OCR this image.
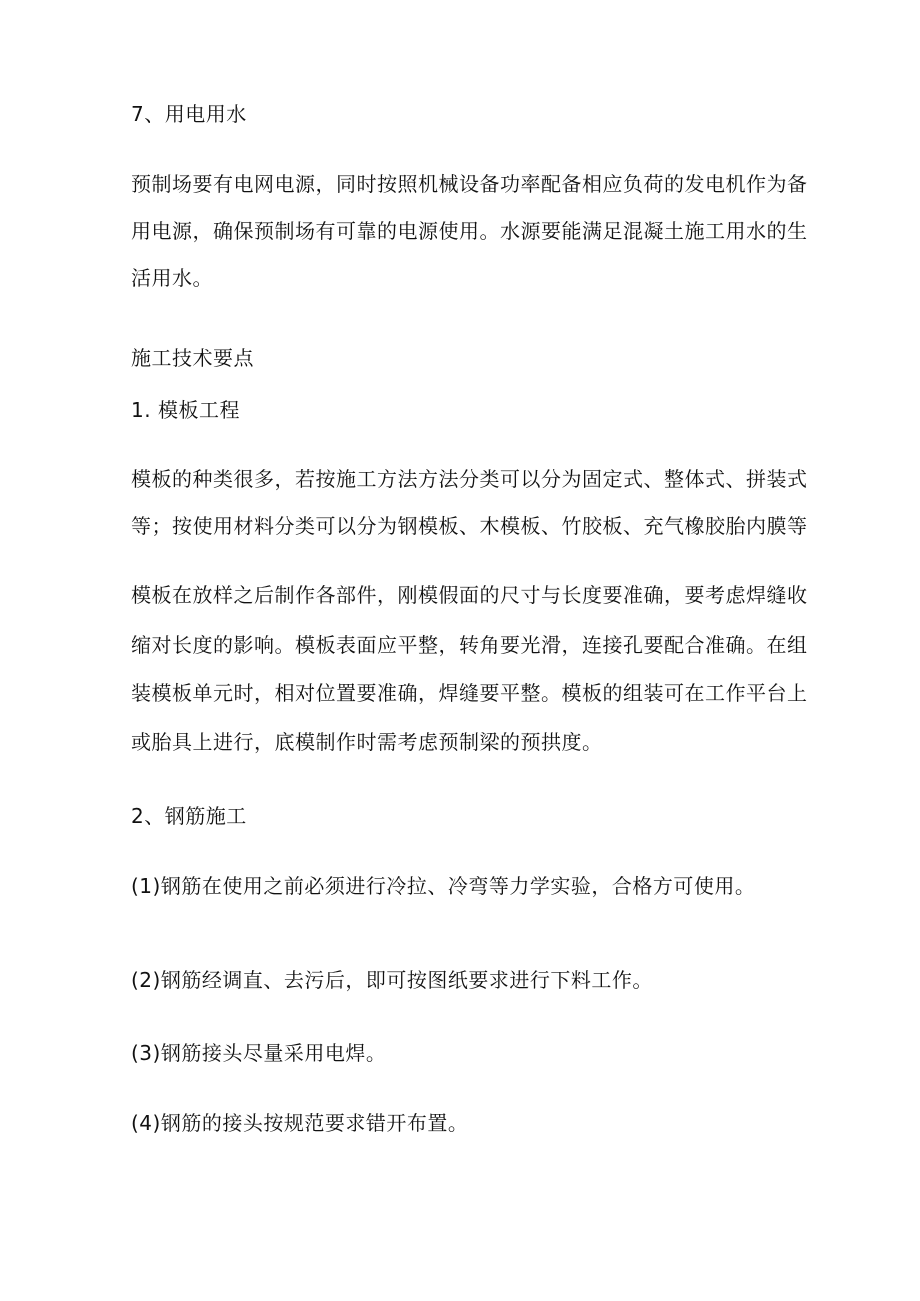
7、用电用水
预制场要有电网电源，同时按照机械设备功率配备相应负荷的发电机作为备
用电源，确保预制场有可靠的电源使用。水源要能满足混凝土施工用水的生
活用水。
施工技术要点
1. 模板工程
模板的种类很多，若按施工方法方法分类可以分为固定式、整体式、拼装式
等；按使用材料分类可以分为钢模板、木模板、竹胶板、充气橡胶胎内膜等
模板在放样之后制作各部件，刚模假面的尺寸与长度要准确，要考虑焊缝收
缩对长度的影响。模板表面应平整，转角要光滑，连接孔要配合准确。在组
装模板单元时，相对位置要准确，焊缝要平整。模板的组装可在工作平台上
或胎具上进行，底模制作时需考虑预制梁的预拱度。
2、钢筋施工
(1)钢筋在使用之前必须进行冷拉、冷弯等力学实验，合格方可使用。
(2)钢筋经调直、去污后，即可按图纸要求进行下料工作。
(3)钢筋接头尽量采用电焊。
(4)钢筋的接头按规范要求错开布置。
